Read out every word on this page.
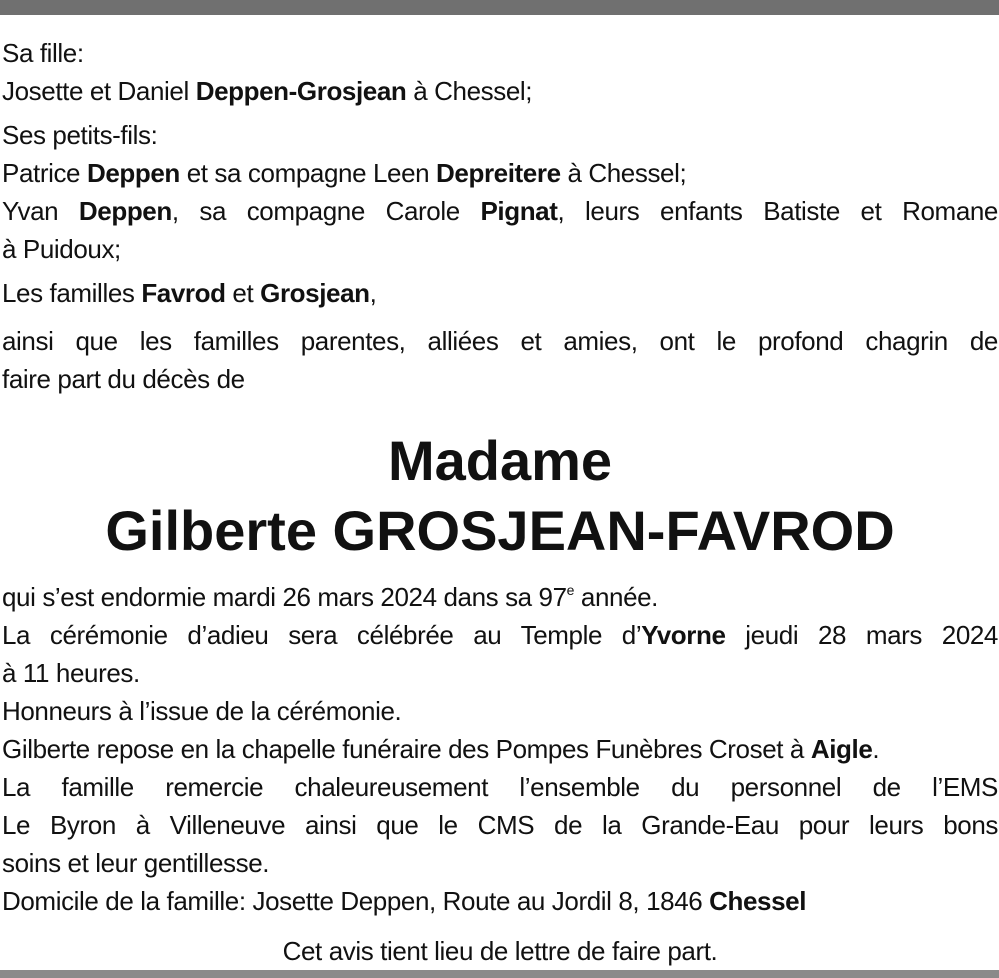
Sa fille:

Josette et Daniel Deppen-Grosjean à Chessel;

Ses petits-fils:

Patrice Deppen et sa compagne Leen Depreitere à Chessel;

Yvan Deppen, sa compagne Carole Pignat, leurs enfants Batiste et Romane

à Puidoux;

Les familles Favrod et Grosjean,

ainsi que les familles parentes, alliées et amies, ont le profond chagrin de

faire part du décès de

Madame
Gilberte GROSJEAN-FAVROD

qui s’est endormie mardi 26 mars 2024 dans sa 97e année.

La cérémonie d’adieu sera célébrée au Temple d’Yvorne jeudi 28 mars 2024

à 11 heures.

Honneurs à l’issue de la cérémonie.

Gilberte repose en la chapelle funéraire des Pompes Funèbres Croset à Aigle.

La famille remercie chaleureusement l’ensemble du personnel de l’EMS

Le Byron à Villeneuve ainsi que le CMS de la Grande-Eau pour leurs bons

soins et leur gentillesse.

Domicile de la famille: Josette Deppen, Route au Jordil 8, 1846 Chessel

Cet avis tient lieu de lettre de faire part.
